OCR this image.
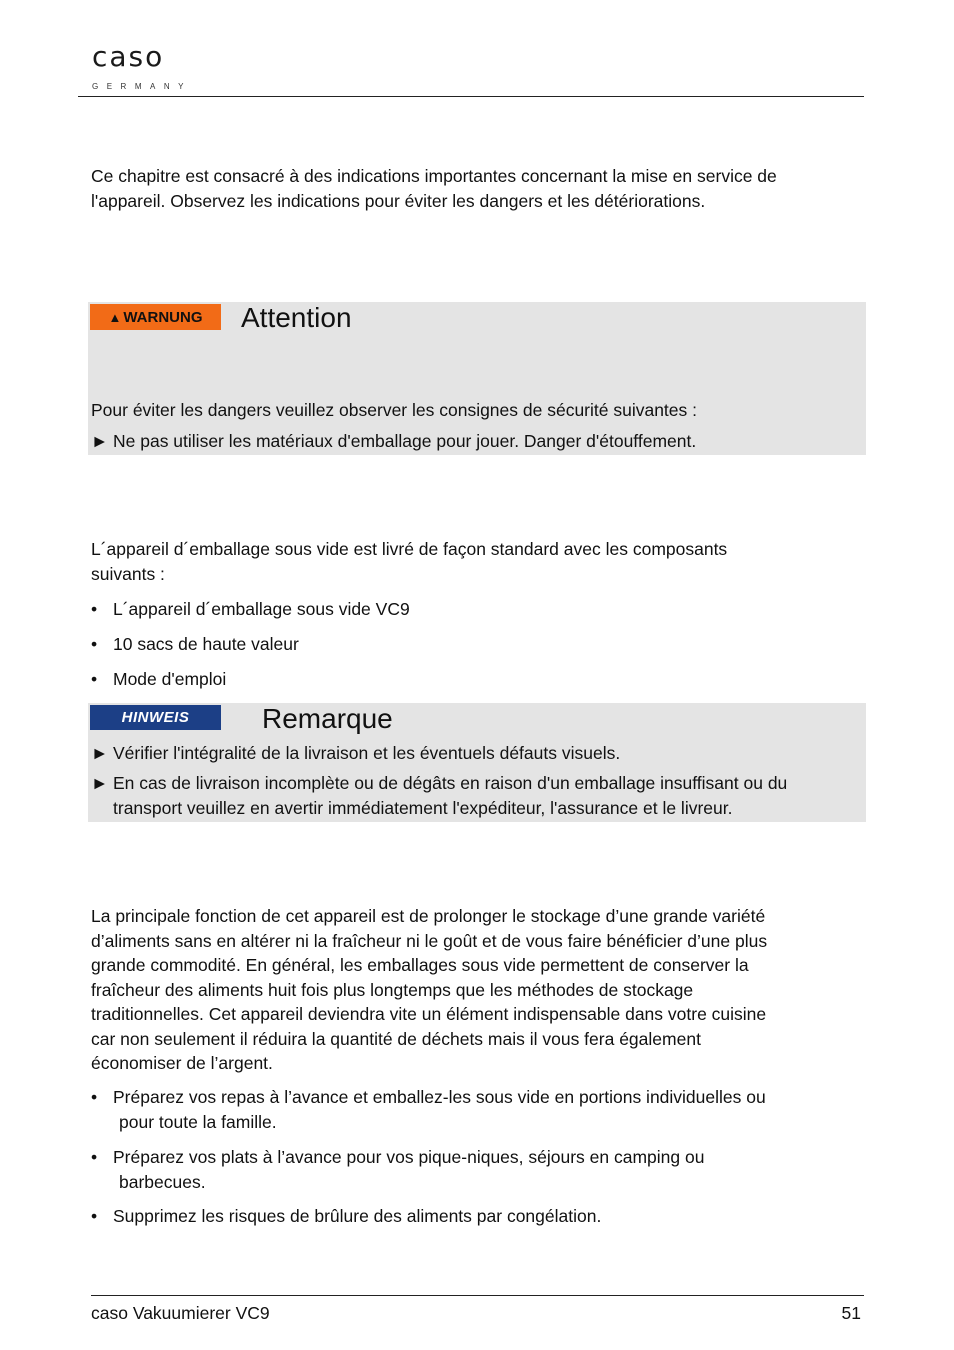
caso
GERMANY

Ce chapitre est consacré à des indications importantes concernant la mise en service de
l'appareil. Observez les indications pour éviter les dangers et les détériorations.

▲ WARNUNG Attention
Pour éviter les dangers veuillez observer les consignes de sécurité suivantes :
► Ne pas utiliser les matériaux d'emballage pour jouer. Danger d'étouffement.

L´appareil d´emballage sous vide est livré de façon standard avec les composants
suivants :

• L´appareil d´emballage sous vide VC9
• 10 sacs de haute valeur
• Mode d'emploi
HINWEIS	Remarque
► Vérifier l'intégralité de la livraison et les éventuels défauts visuels.
► En cas de livraison incomplète ou de dégâts en raison d'un emballage insuffisant ou du
transport veuillez en avertir immédiatement l'expéditeur, l'assurance et le livreur.

La principale fonction de cet appareil est de prolonger le stockage d’une grande variété
d’aliments sans en altérer ni la fraîcheur ni le goût et de vous faire bénéficier d’une plus
grande commodité. En général, les emballages sous vide permettent de conserver la
fraîcheur des aliments huit fois plus longtemps que les méthodes de stockage
traditionnelles. Cet appareil deviendra vite un élément indispensable dans votre cuisine
car non seulement il réduira la quantité de déchets mais il vous fera également
économiser de l’argent.

• Préparez vos repas à l’avance et emballez-les sous vide en portions individuelles ou
pour toute la famille.
• Préparez vos plats à l’avance pour vos pique-niques, séjours en camping ou
barbecues.
• Supprimez les risques de brûlure des aliments par congélation.
caso Vakuumierer VC9	51
